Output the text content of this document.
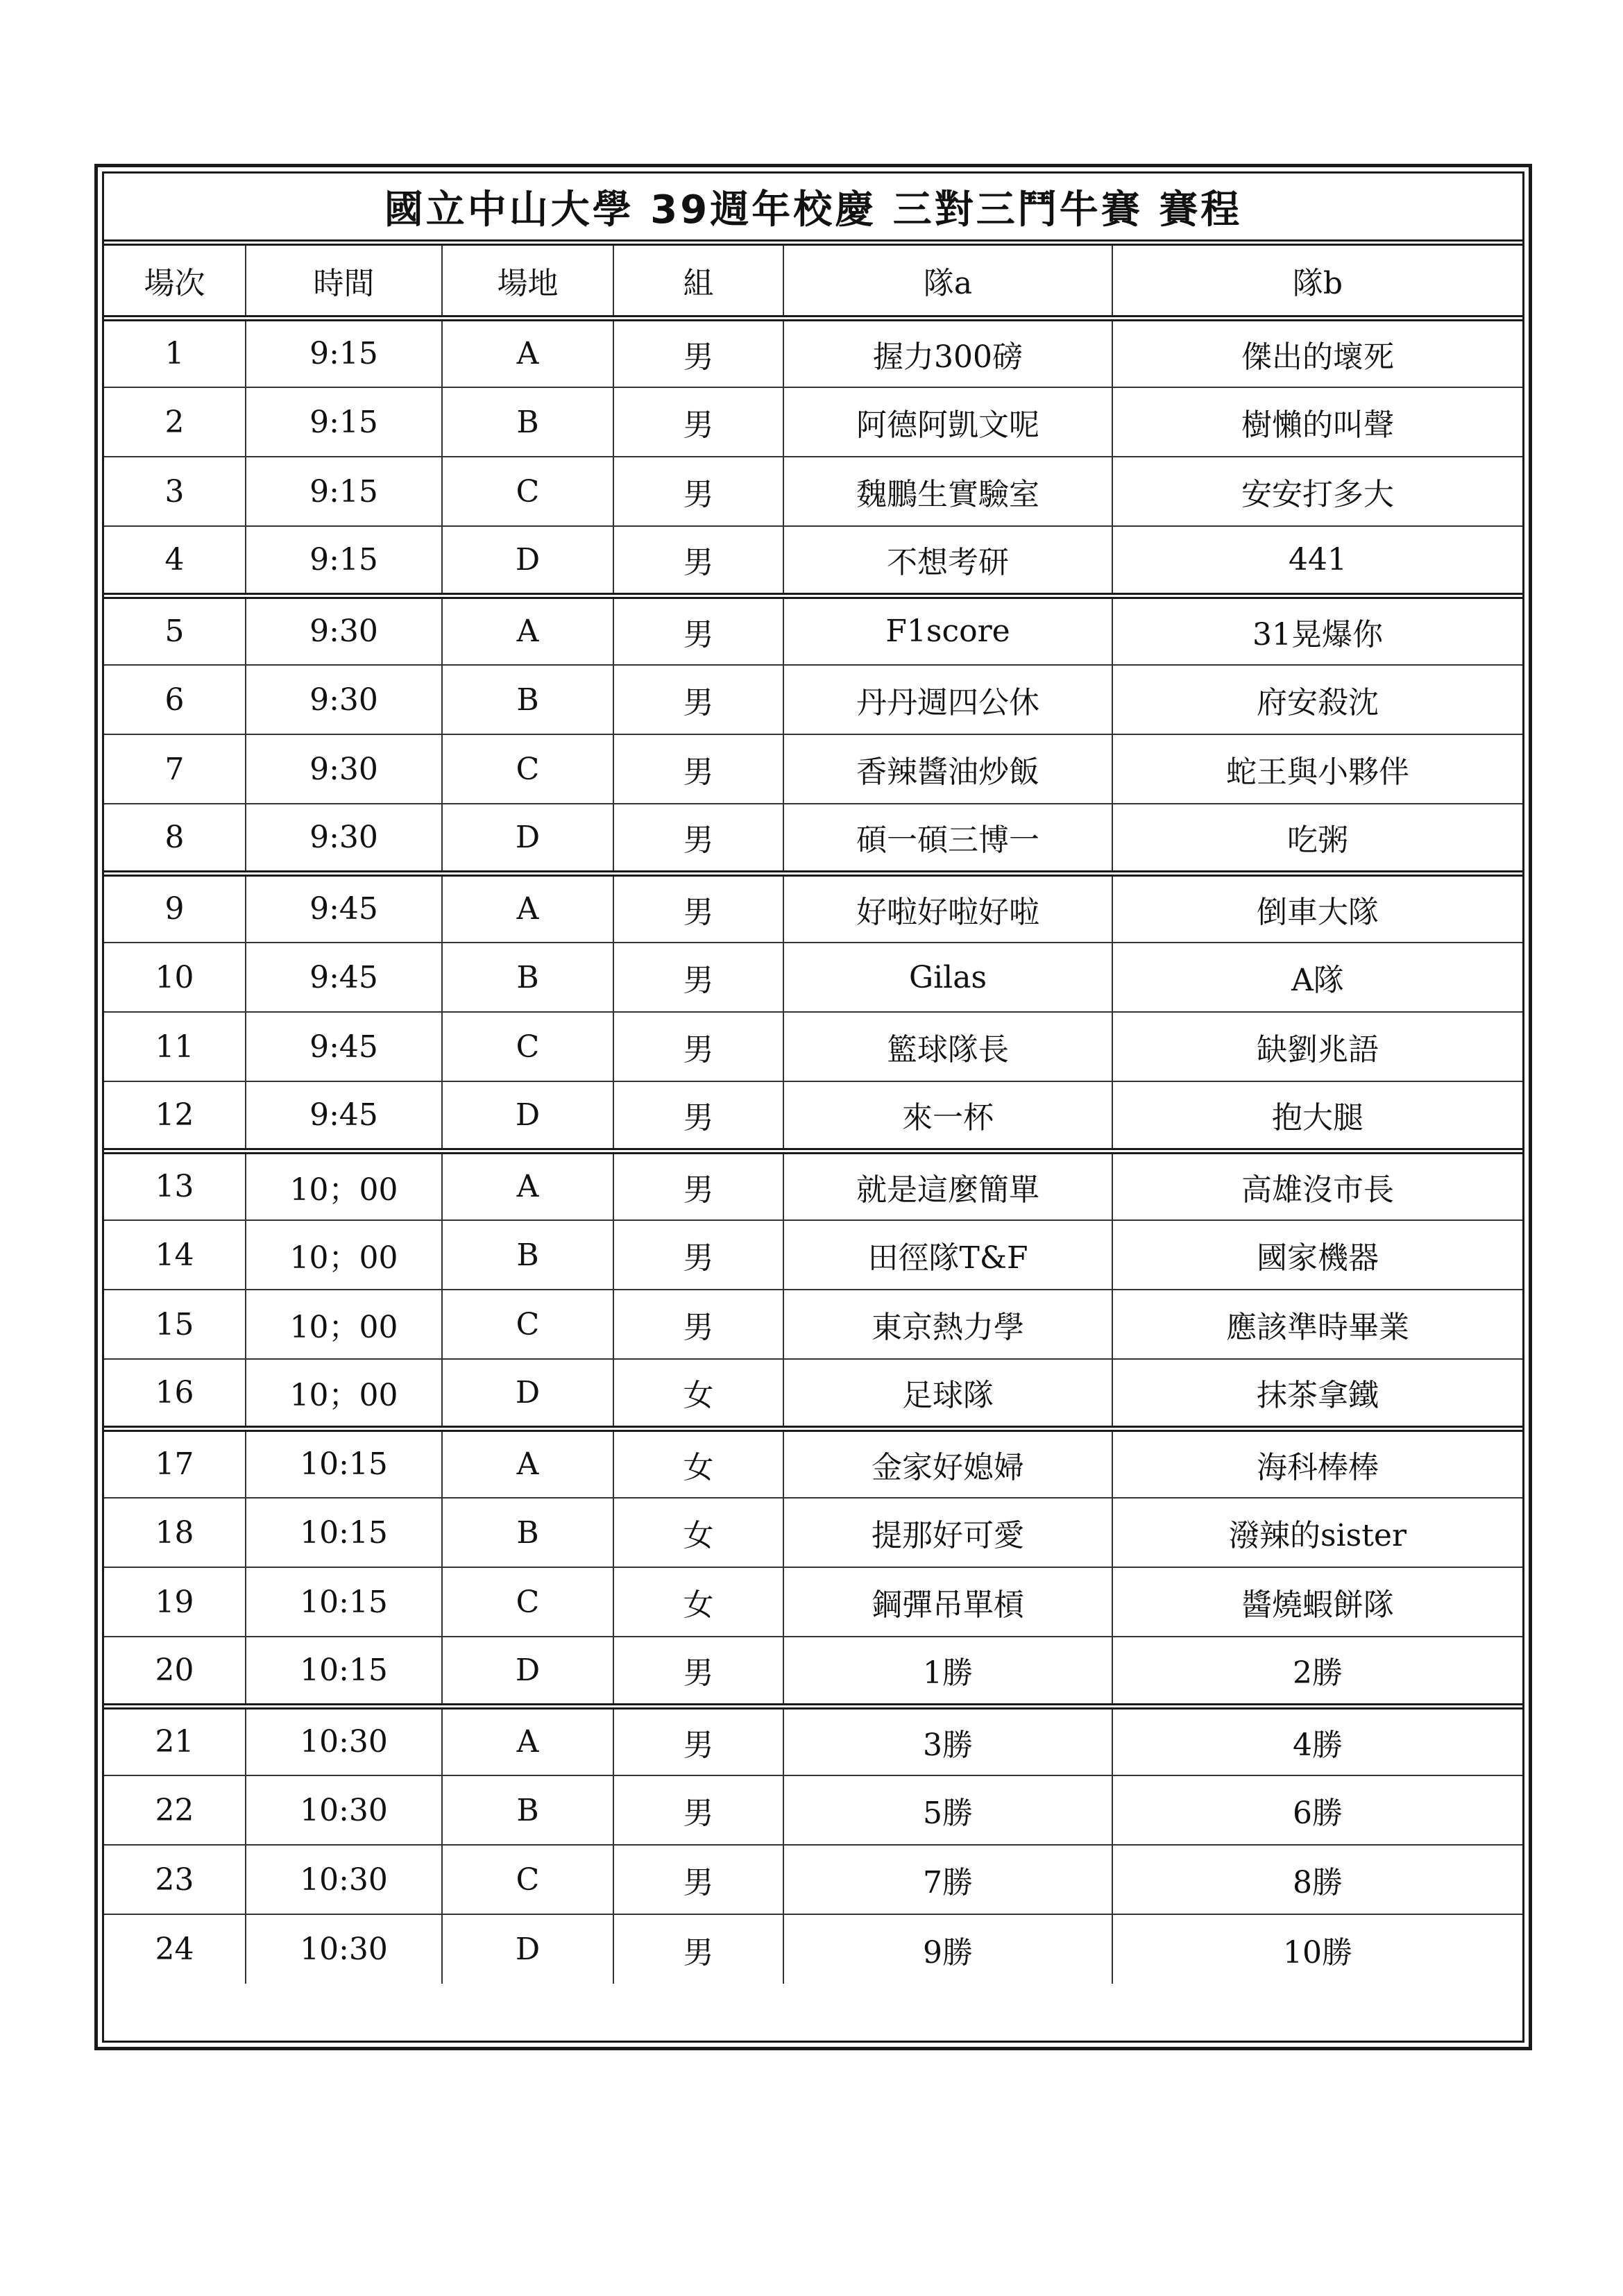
國立中山大學 39週年校慶 三對三鬥牛賽 賽程
場次	時間	場地	組	隊a	隊b
1	9:15	A	男	握力300磅	傑出的壞死
2	9:15	B	男	阿德阿凱文呢	樹懶的叫聲
3	9:15	C	男	魏鵬生實驗室	安安打多大
4	9:15	D	男	不想考研	441
5	9:30	A	男	F1score	31晃爆你
6	9:30	B	男	丹丹週四公休	府安殺沈
7	9:30	C	男	香辣醬油炒飯	蛇王與小夥伴
8	9:30	D	男	碩一碩三博一	吃粥
9	9:45	A	男	好啦好啦好啦	倒車大隊
10	9:45	B	男	Gilas	A隊
11	9:45	C	男	籃球隊長	缺劉兆語
12	9:45	D	男	來一杯	抱大腿
13	10；00	A	男	就是這麼簡單	高雄沒市長
14	10；00	B	男	田徑隊T&F	國家機器
15	10；00	C	男	東京熱力學	應該準時畢業
16	10；00	D	女	足球隊	抹茶拿鐵
17	10:15	A	女	金家好媳婦	海科棒棒
18	10:15	B	女	提那好可愛	潑辣的sister
19	10:15	C	女	鋼彈吊單槓	醬燒蝦餅隊
20	10:15	D	男	1勝	2勝
21	10:30	A	男	3勝	4勝
22	10:30	B	男	5勝	6勝
23	10:30	C	男	7勝	8勝
24	10:30	D	男	9勝	10勝
